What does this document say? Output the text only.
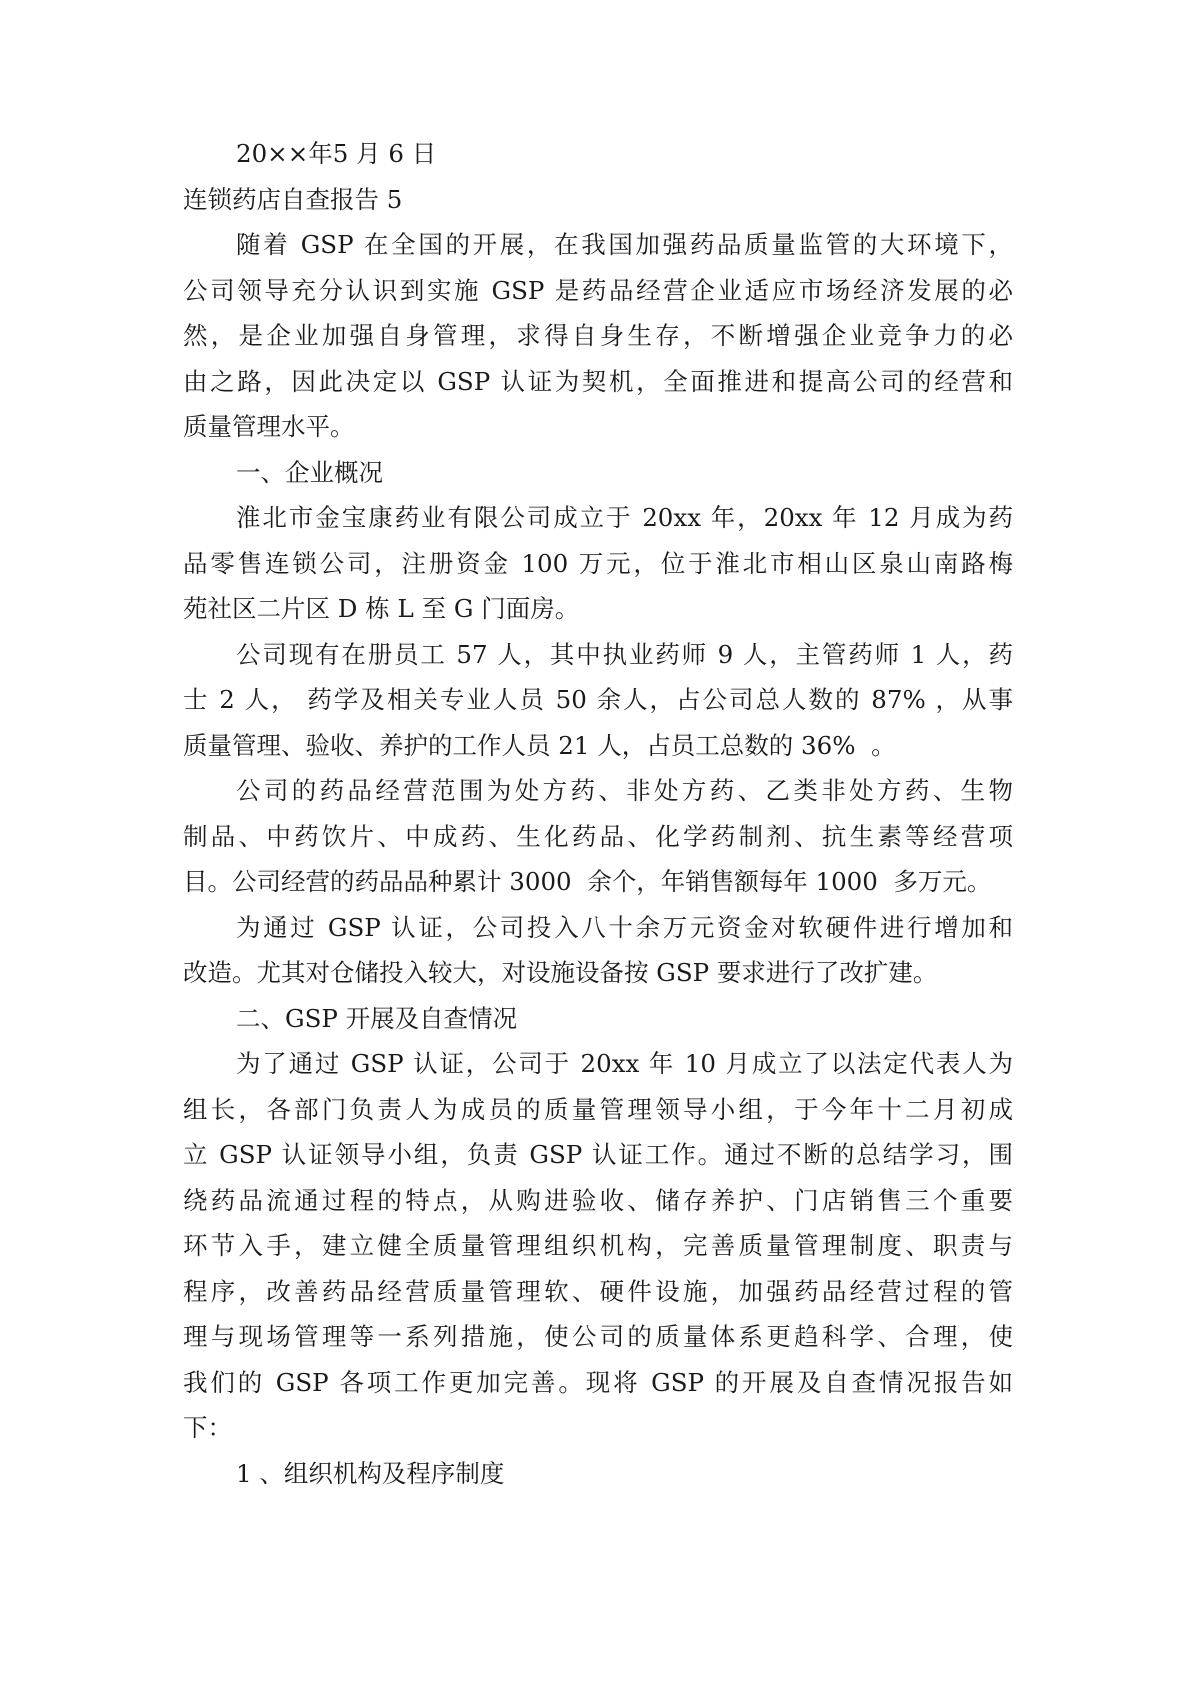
20××年5 月 6 日
连锁药店自查报告 5
随着 GSP 在全国的开展，在我国加强药品质量监管的大环境下，
公司领导充分认识到实施 GSP 是药品经营企业适应市场经济发展的必
然，是企业加强自身管理，求得自身生存，不断增强企业竞争力的必
由之路，因此决定以 GSP 认证为契机，全面推进和提高公司的经营和
质量管理水平。
一、企业概况
淮北市金宝康药业有限公司成立于 20xx 年，20xx 年 12 月成为药
品零售连锁公司，注册资金 100 万元，位于淮北市相山区泉山南路梅
苑社区二片区 D 栋 L 至 G 门面房。
公司现有在册员工 57 人，其中执业药师 9 人，主管药师 1 人，药
士 2 人， 药学及相关专业人员 50 余人，占公司总人数的 87% ，从事
质量管理、验收、养护的工作人员 21 人，占员工总数的 36%  。
公司的药品经营范围为处方药、非处方药、乙类非处方药、生物
制品、中药饮片、中成药、生化药品、化学药制剂、抗生素等经营项
目。公司经营的药品品种累计 3000  余个，年销售额每年 1000  多万元。
为通过 GSP 认证，公司投入八十余万元资金对软硬件进行增加和
改造。尤其对仓储投入较大，对设施设备按 GSP 要求进行了改扩建。
二、GSP 开展及自查情况
为了通过 GSP 认证，公司于 20xx 年 10 月成立了以法定代表人为
组长，各部门负责人为成员的质量管理领导小组，于今年十二月初成
立 GSP 认证领导小组，负责 GSP 认证工作。通过不断的总结学习，围
绕药品流通过程的特点，从购进验收、储存养护、门店销售三个重要
环节入手，建立健全质量管理组织机构，完善质量管理制度、职责与
程序，改善药品经营质量管理软、硬件设施，加强药品经营过程的管
理与现场管理等一系列措施，使公司的质量体系更趋科学、合理，使
我们的 GSP 各项工作更加完善。现将 GSP 的开展及自查情况报告如
下：
1 、组织机构及程序制度
